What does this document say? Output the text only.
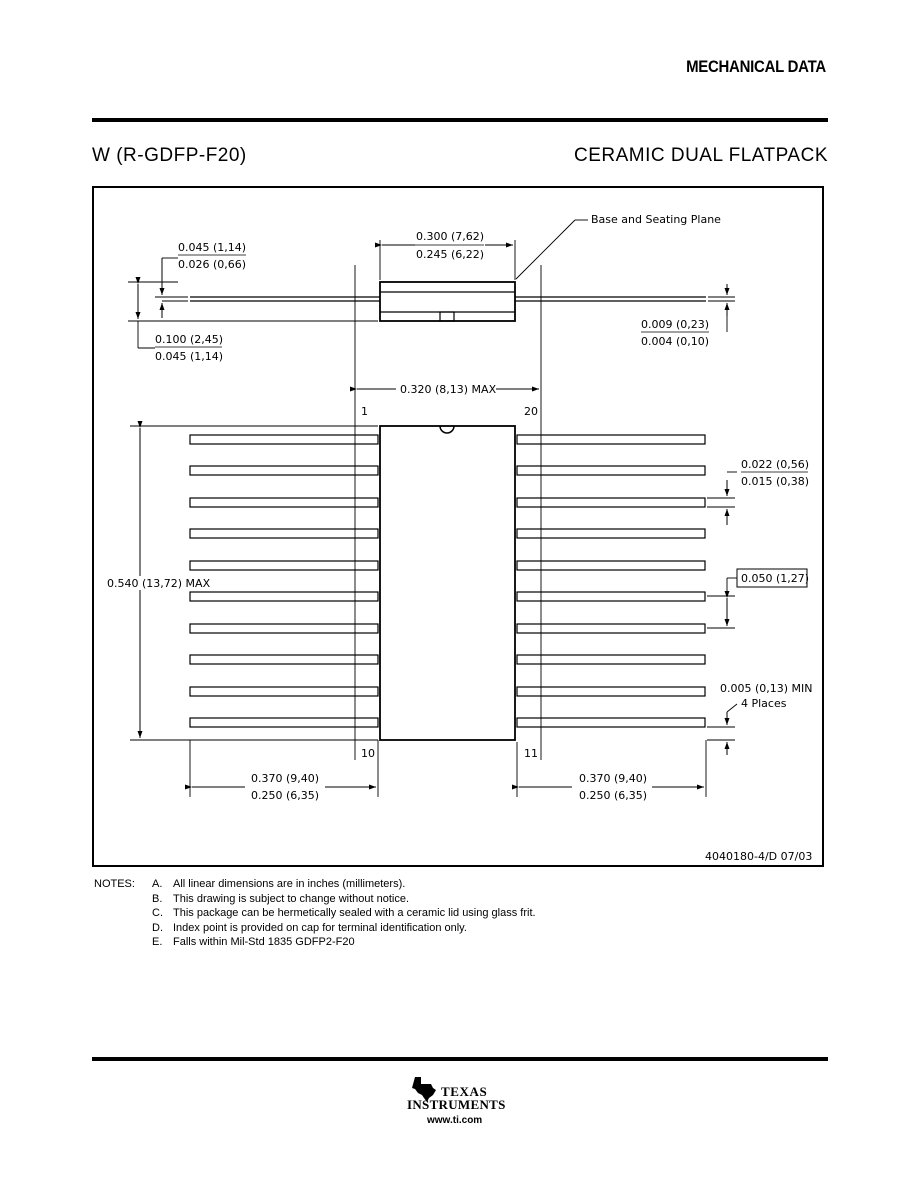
MECHANICAL DATA
W (R-GDFP-F20)	CERAMIC DUAL FLATPACK
Base and Seating Plane
0.300 (7,62)
0.245 (6,22)
0.045 (1,14)
0.026 (0,66)
0.100 (2,45)
0.045 (1,14)
0.009 (0,23)
0.004 (0,10)
0.320 (8,13) MAX
1	20
10	11
0.022 (0,56)
0.015 (0,38)
0.540 (13,72) MAX	0.050 (1,27)
0.005 (0,13) MIN
4 Places
0.370 (9,40)
0.250 (6,35)
0.370 (9,40)
0.250 (6,35)
4040180-4/D 07/03
NOTES: A. All linear dimensions are in inches (millimeters).
B. This drawing is subject to change without notice.
C. This package can be hermetically sealed with a ceramic lid using glass frit.
D. Index point is provided on cap for terminal identification only.
E. Falls within Mil-Std 1835 GDFP2-F20
TEXAS
INSTRUMENTS
www.ti.com
